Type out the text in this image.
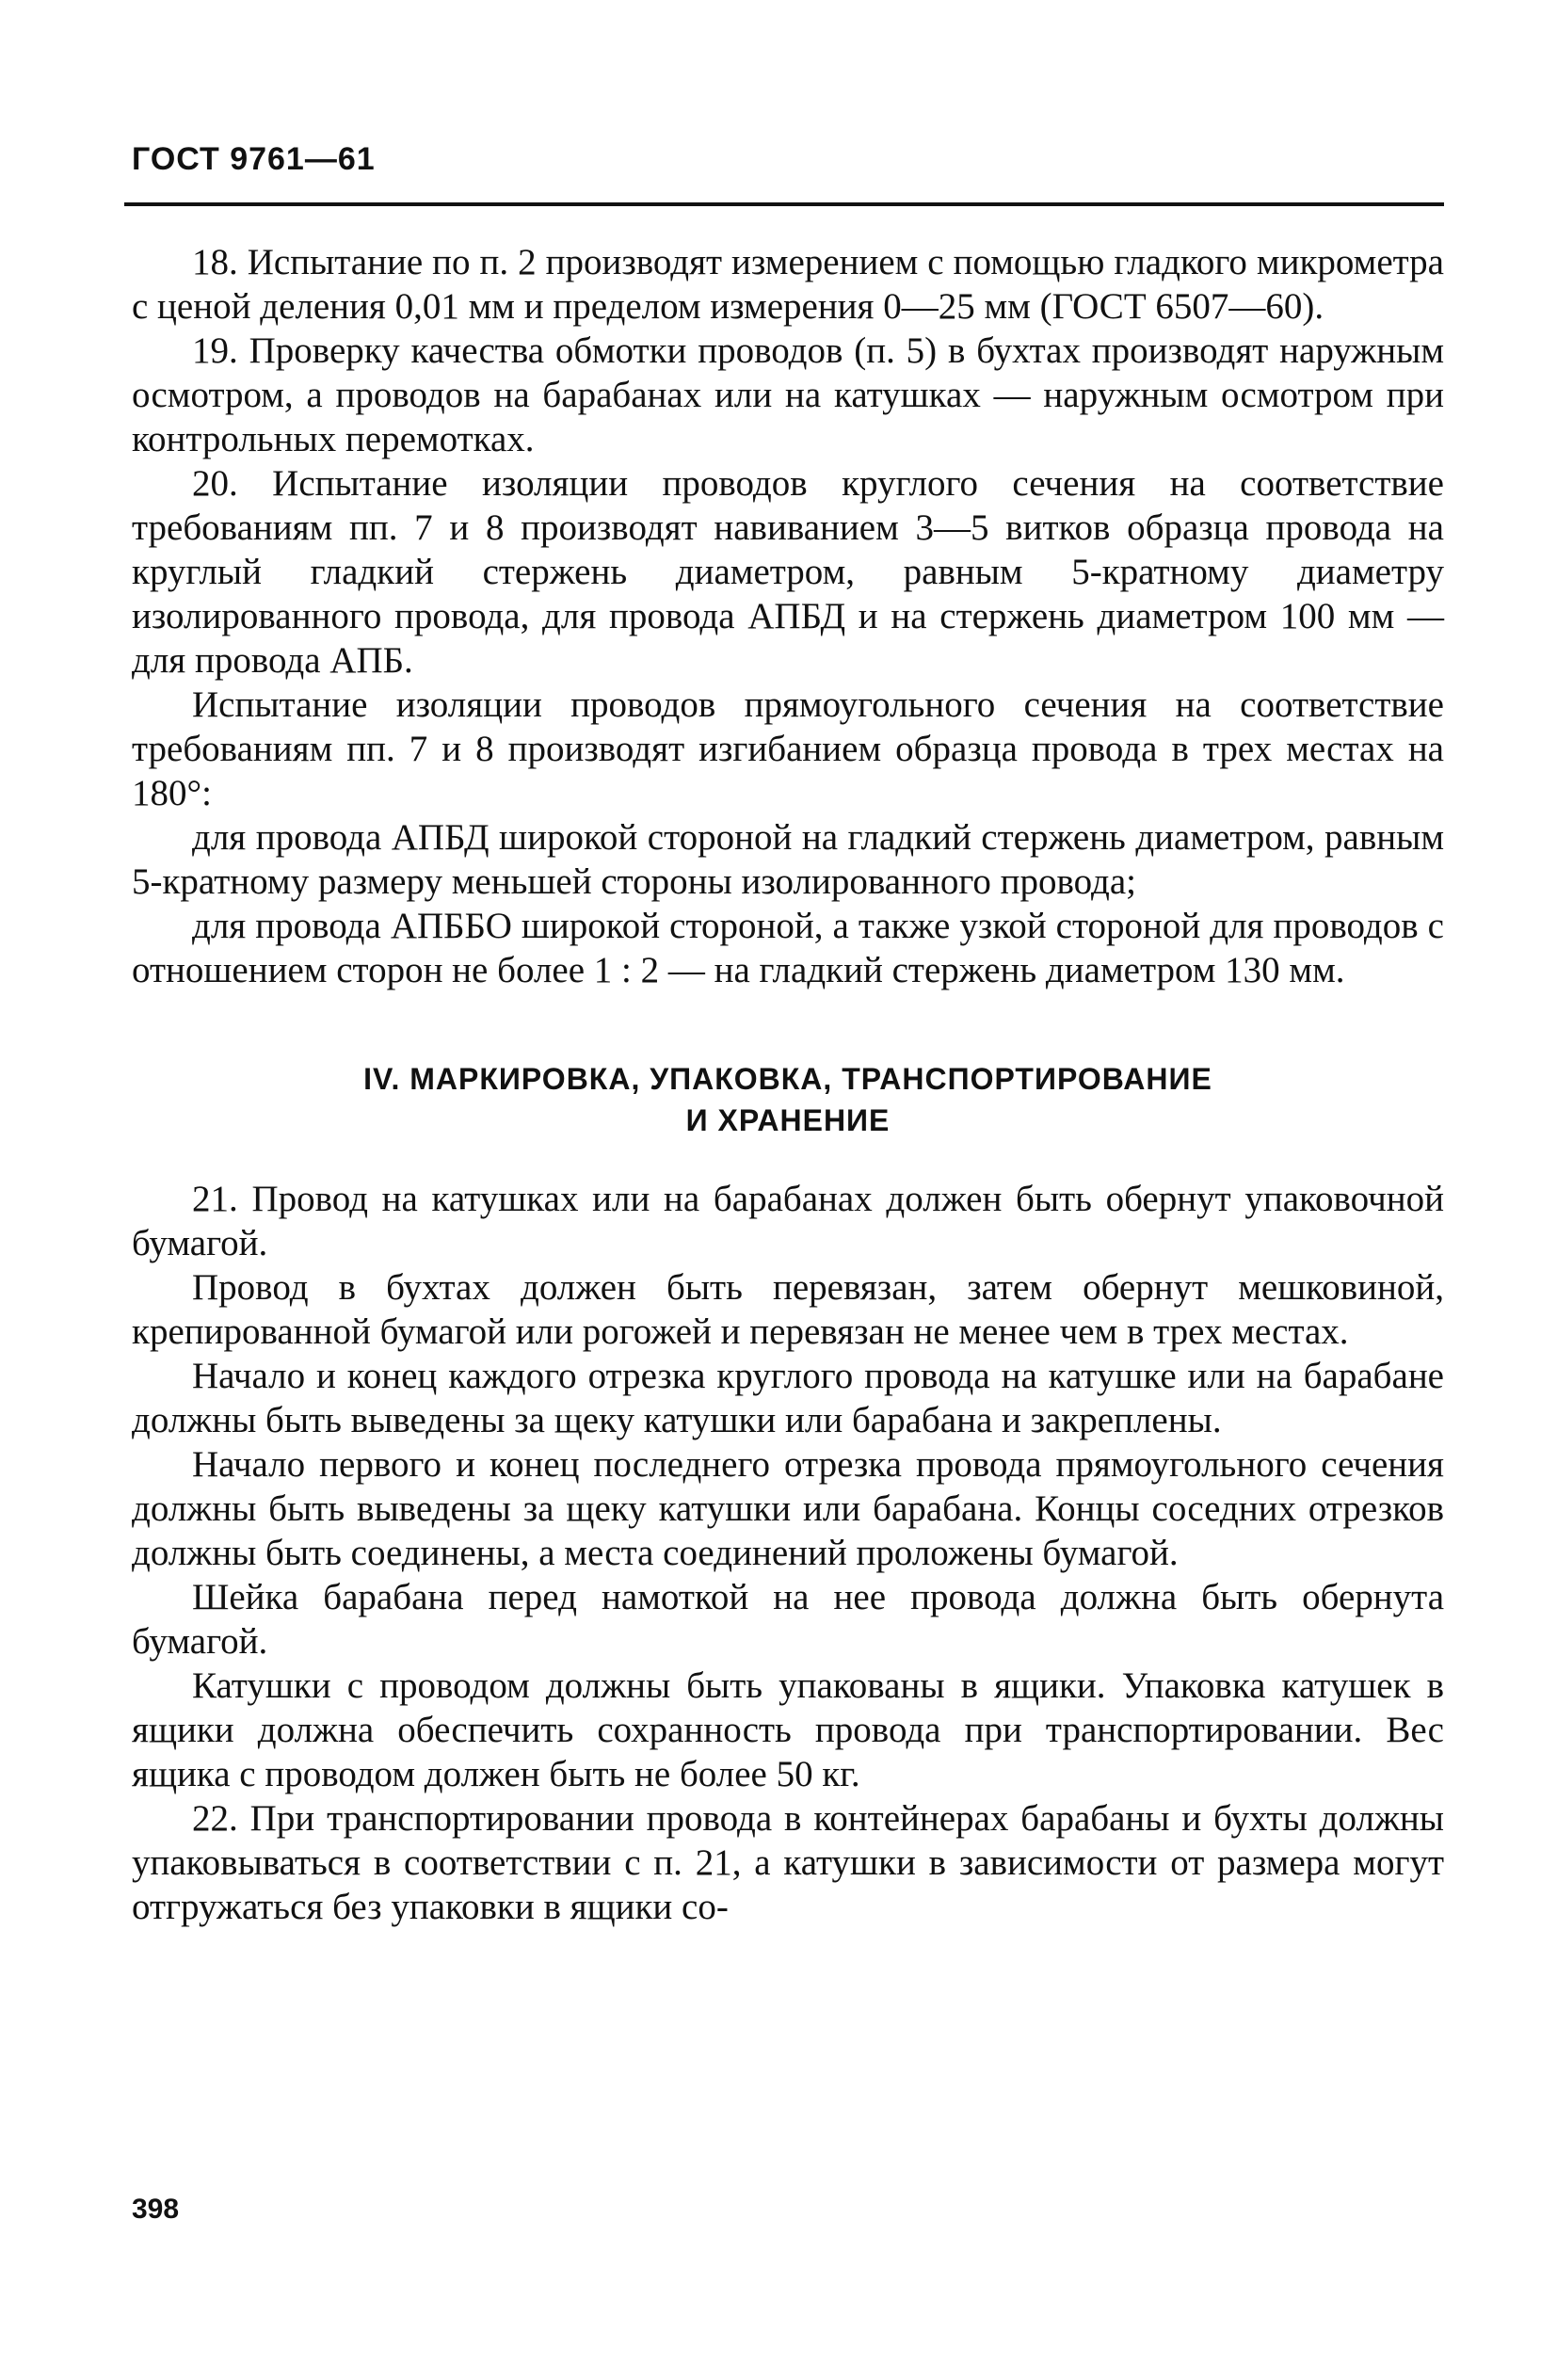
ГОСТ 9761—61

18. Испытание по п. 2 производят измерением с помощью гладкого микрометра с ценой деления 0,01 мм и пределом измерения 0—25 мм (ГОСТ 6507—60).

19. Проверку качества обмотки проводов (п. 5) в бухтах производят наружным осмотром, а проводов на барабанах или на катушках — наружным осмотром при контрольных перемотках.

20. Испытание изоляции проводов круглого сечения на соответствие требованиям пп. 7 и 8 производят навиванием 3—5 витков образца провода на круглый гладкий стержень диаметром, равным 5-кратному диаметру изолированного провода, для провода АПБД и на стержень диаметром 100 мм — для провода АПБ.

Испытание изоляции проводов прямоугольного сечения на соответствие требованиям пп. 7 и 8 производят изгибанием образца провода в трех местах на 180°:

для провода АПБД широкой стороной на гладкий стержень диаметром, равным 5-кратному размеру меньшей стороны изолированного провода;

для провода АПББО широкой стороной, а также узкой стороной для проводов с отношением сторон не более 1 : 2 — на гладкий стержень диаметром 130 мм.

IV. МАРКИРОВКА, УПАКОВКА, ТРАНСПОРТИРОВАНИЕ
И ХРАНЕНИЕ

21. Провод на катушках или на барабанах должен быть обернут упаковочной бумагой.

Провод в бухтах должен быть перевязан, затем обернут мешковиной, крепированной бумагой или рогожей и перевязан не менее чем в трех местах.

Начало и конец каждого отрезка круглого провода на катушке или на барабане должны быть выведены за щеку катушки или барабана и закреплены.

Начало первого и конец последнего отрезка провода прямоугольного сечения должны быть выведены за щеку катушки или барабана. Концы соседних отрезков должны быть соединены, а места соединений проложены бумагой.

Шейка барабана перед намоткой на нее провода должна быть обернута бумагой.

Катушки с проводом должны быть упакованы в ящики. Упаковка катушек в ящики должна обеспечить сохранность провода при транспортировании. Вес ящика с проводом должен быть не более 50 кг.

22. При транспортировании провода в контейнерах барабаны и бухты должны упаковываться в соответствии с п. 21, а катушки в зависимости от размера могут отгружаться без упаковки в ящики со-

398
